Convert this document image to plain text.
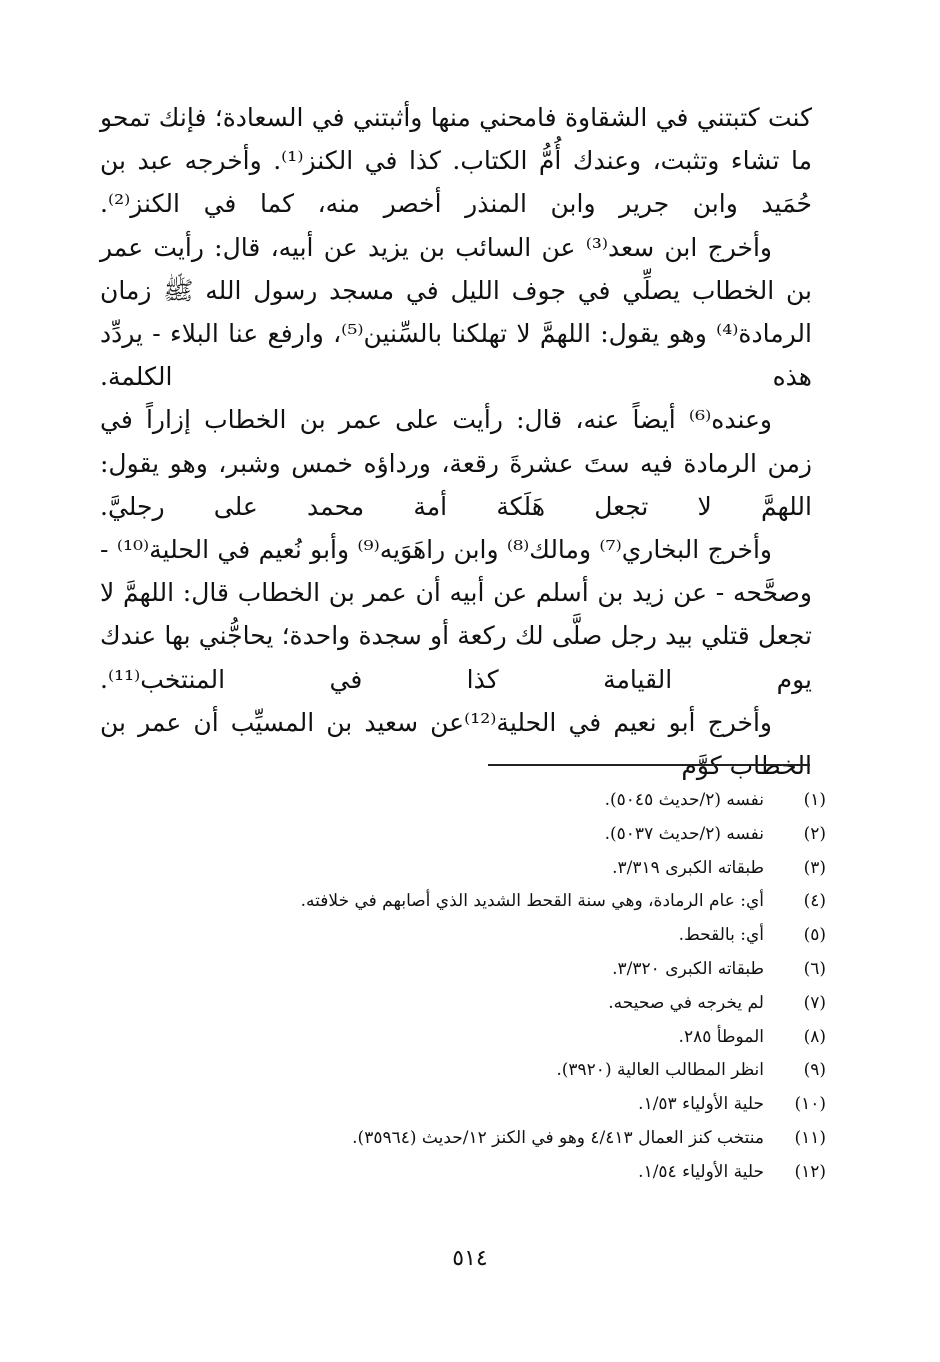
كنت كتبتني في الشقاوة فامحني منها وأثبتني في السعادة؛ فإنك تمحو ما تشاء وتثبت، وعندك أُمُّ الكتاب. كذا في الكنز⁽¹⁾. وأخرجه عبد بن حُمَيد وابن جرير وابن المنذر أخصر منه، كما في الكنز⁽²⁾.

وأخرج ابن سعد⁽³⁾ عن السائب بن يزيد عن أبيه، قال: رأيت عمر بن الخطاب يصلِّي في جوف الليل في مسجد رسول الله ﷺ زمان الرمادة⁽⁴⁾ وهو يقول: اللهمَّ لا تهلكنا بالسِّنين⁽⁵⁾، وارفع عنا البلاء - يردِّد هذه الكلمة.

وعنده⁽⁶⁾ أيضاً عنه، قال: رأيت على عمر بن الخطاب إزاراً في زمن الرمادة فيه ستَ عشرةَ رقعة، ورداؤه خمس وشبر، وهو يقول: اللهمَّ لا تجعل هَلَكة أمة محمد على رجليَّ.

وأخرج البخاري⁽⁷⁾ ومالك⁽⁸⁾ وابن راهَوَيه⁽⁹⁾ وأبو نُعيم في الحلية⁽¹⁰⁾ - وصحَّحه - عن زيد بن أسلم عن أبيه أن عمر بن الخطاب قال: اللهمَّ لا تجعل قتلي بيد رجل صلَّى لك ركعة أو سجدة واحدة؛ يحاجُّني بها عندك يوم القيامة كذا في المنتخب⁽¹¹⁾.

وأخرج أبو نعيم في الحلية⁽¹²⁾عن سعيد بن المسيِّب أن عمر بن الخطاب كوَّم

(١)
نفسه (٢/حديث ٥٠٤٥).
(٢)
نفسه (٢/حديث ٥٠٣٧).
(٣)
طبقاته الكبرى ٣/٣١٩.
(٤)
أي: عام الرمادة، وهي سنة القحط الشديد الذي أصابهم في خلافته.
(٥)
أي: بالقحط.
(٦)
طبقاته الكبرى ٣/٣٢٠.
(٧)
لم يخرجه في صحيحه.
(٨)
الموطأ ٢٨٥.
(٩)
انظر المطالب العالية (٣٩٢٠).
(١٠)
حلية الأولياء ١/٥٣.
(١١)
منتخب كنز العمال ٤/٤١٣ وهو في الكنز ١٢/حديث (٣٥٩٦٤).
(١٢)
حلية الأولياء ١/٥٤.
٥١٤
